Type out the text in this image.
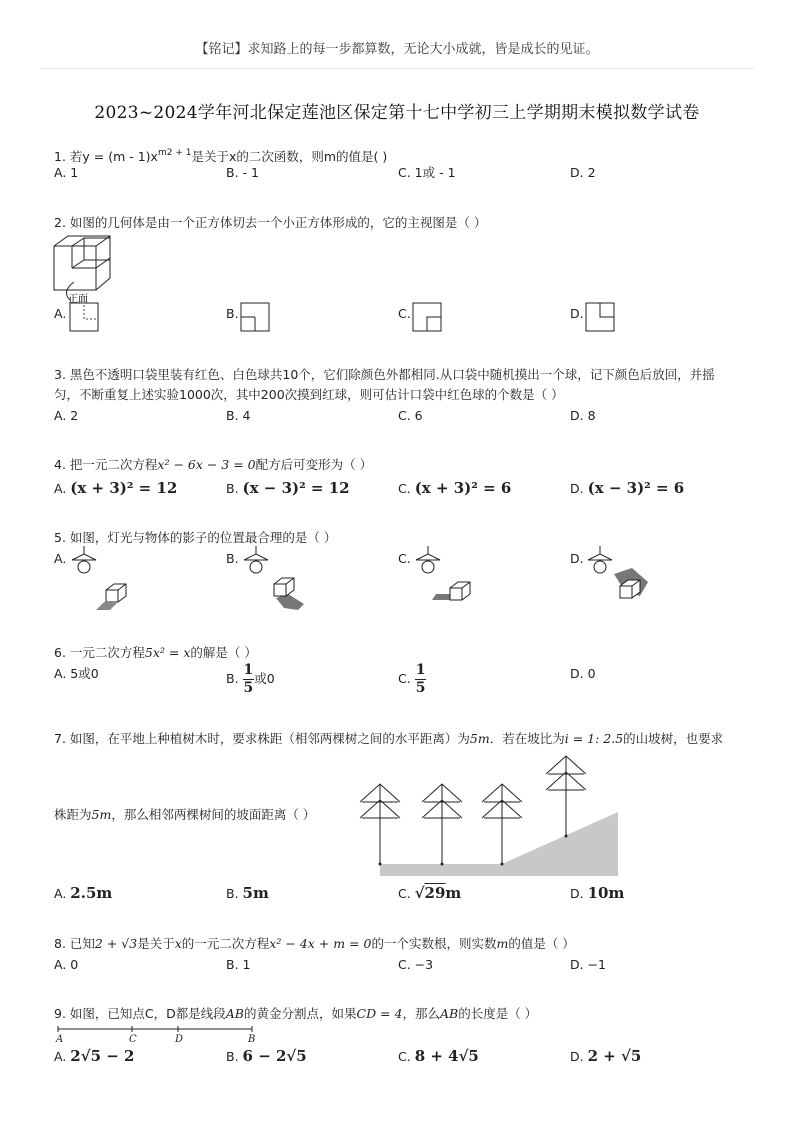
【铭记】求知路上的每一步都算数，无论大小成就，皆是成长的见证。
2023~2024学年河北保定莲池区保定第十七中学初三上学期期末模拟数学试卷
1. 若$y = (m - 1)x^{m2 + 1}$是关于x的二次函数，则m的值是( )
A. 1	B. - 1	C. 1或 - 1	D. 2
2. 如图的几何体是由一个正方体切去一个小正方体形成的，它的主视图是（ ）
正面
A.	B.	C.	D.
3. 黑色不透明口袋里装有红色、白色球共10个，它们除颜色外都相同.从口袋中随机摸出一个球，记下颜色后放回，并摇
匀，不断重复上述实验1000次，其中200次摸到红球，则可估计口袋中红色球的个数是（ ）
A. 2	B. 4	C. 6	D. 8
4. 把一元二次方程x² − 6x − 3 = 0配方后可变形为（ ）
A. (x + 3)² = 12	B. (x − 3)² = 12	C. (x + 3)² = 6	D. (x − 3)² = 6
5. 如图，灯光与物体的影子的位置最合理的是（ ）
A.	B.	C.	D.
6. 一元二次方程5x² = x的解是（ ）
A. 5或0	B. $\frac{1}{5}$ 或0	C. $\frac{1}{5}$	D. 0
7. 如图，在平地上种植树木时，要求株距（相邻两棵树之间的水平距离）为5m．若在坡比为i = 1: 2.5的山坡树，也要求
株距为5m，那么相邻两棵树间的坡面距离（ ）
A. 2.5m	B. 5m	C. √29m	D. 10m
8. 已知2 + √3是关于x的一元二次方程x² − 4x + m = 0的一个实数根，则实数m的值是（ ）
A. 0	B. 1	C. −3	D. −1
9. 如图，已知点C，D都是线段AB的黄金分割点，如果CD = 4，那么AB的长度是（ ）
A	C	D	B
A. 2√5 − 2	B. 6 − 2√5	C. 8 + 4√5	D. 2 + √5
